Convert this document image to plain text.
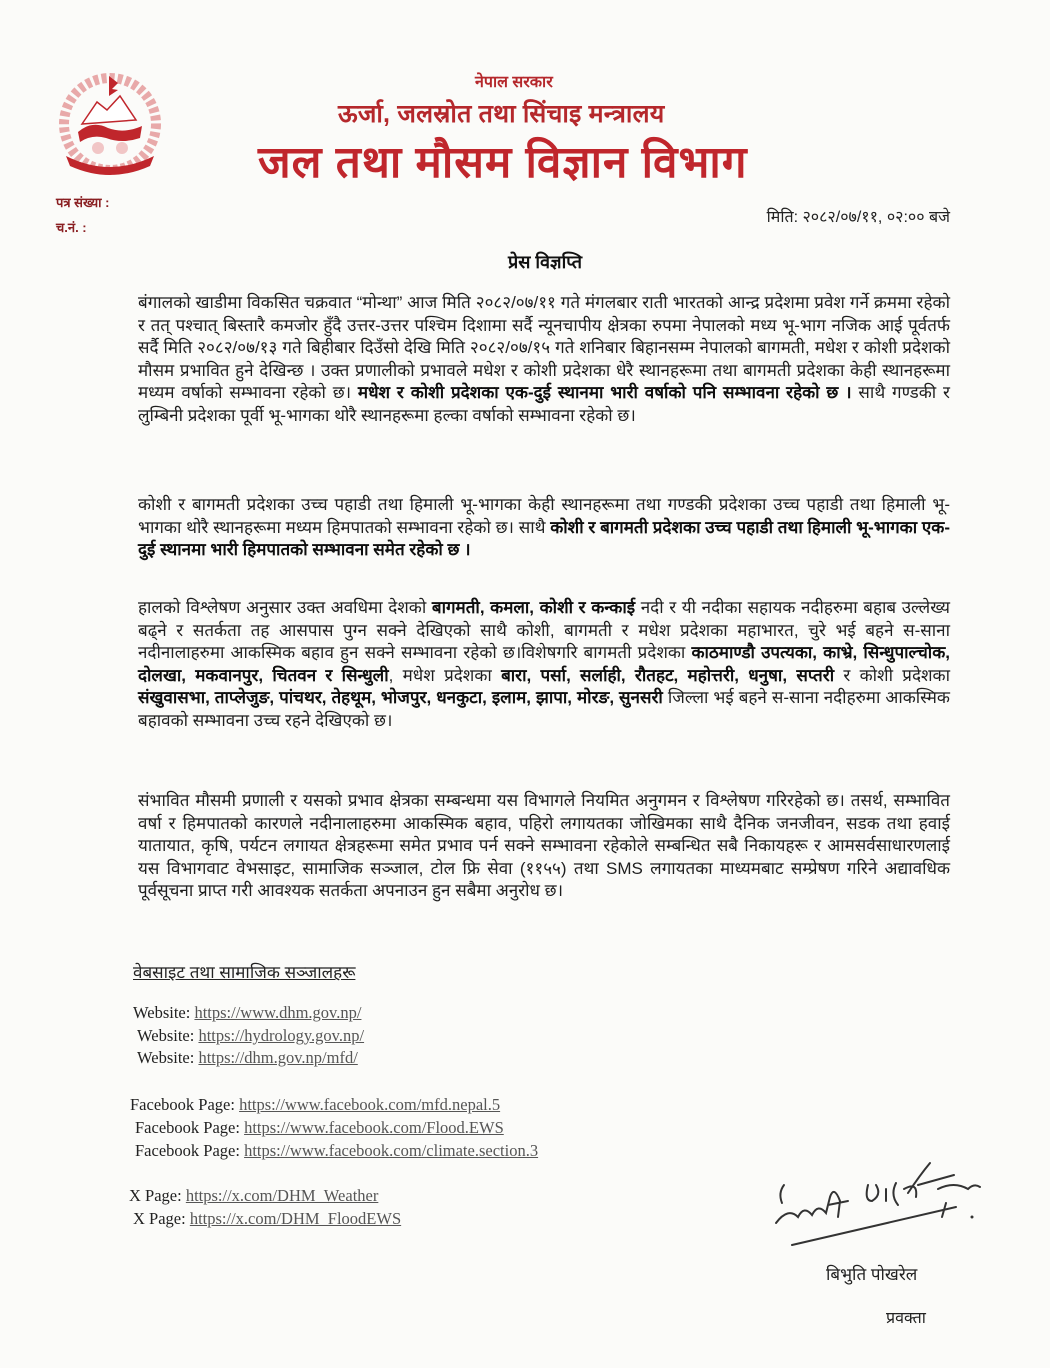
नेपाल सरकार
ऊर्जा, जलस्रोत तथा सिंचाइ मन्त्रालय
जल तथा मौसम विज्ञान विभाग
पत्र संख्या :
च.नं. :
मिति: २०८२/०७/११, ०२:०० बजे
प्रेस विज्ञप्ति

बंगालको खाडीमा विकसित चक्रवात “मोन्था” आज मिति २०८२/०७/११ गते मंगलबार राती भारतको आन्द्र प्रदेशमा प्रवेश गर्ने क्रममा रहेको र तत् पश्चात् बिस्तारै कमजोर हुँदै उत्तर-उत्तर पश्चिम दिशामा सर्दै न्यूनचापीय क्षेत्रका रुपमा नेपालको मध्य भू-भाग नजिक आई पूर्वतर्फ सर्दै मिति २०८२/०७/१३ गते बिहीबार दिउँसो देखि मिति २०८२/०७/१५ गते शनिबार बिहानसम्म नेपालको बागमती, मधेश र कोशी प्रदेशको मौसम प्रभावित हुने देखिन्छ । उक्त प्रणालीको प्रभावले मधेश र कोशी प्रदेशका धेरै स्थानहरूमा तथा बागमती प्रदेशका केही स्थानहरूमा मध्यम वर्षाको सम्भावना रहेको छ। मधेश र कोशी प्रदेशका एक-दुई स्थानमा भारी वर्षाको पनि सम्भावना रहेको छ । साथै गण्डकी र लुम्बिनी प्रदेशका पूर्वी भू-भागका थोरै स्थानहरूमा हल्का वर्षाको सम्भावना रहेको छ।

कोशी र बागमती प्रदेशका उच्च पहाडी तथा हिमाली भू-भागका केही स्थानहरूमा तथा गण्डकी प्रदेशका उच्च पहाडी तथा हिमाली भू-भागका थोरै स्थानहरूमा मध्यम हिमपातको सम्भावना रहेको छ। साथै कोशी र बागमती प्रदेशका उच्च पहाडी तथा हिमाली भू-भागका एक-दुई स्थानमा भारी हिमपातको सम्भावना समेत रहेको छ ।

हालको विश्लेषण अनुसार उक्त अवधिमा देशको बागमती, कमला, कोशी र कन्काई नदी र यी नदीका सहायक नदीहरुमा बहाब उल्लेख्य बढ्ने र सतर्कता तह आसपास पुग्न सक्ने देखिएको साथै कोशी, बागमती र मधेश प्रदेशका महाभारत, चुरे भई बहने स-साना नदीनालाहरुमा आकस्मिक बहाव हुन सक्ने सम्भावना रहेको छ।विशेषगरि बागमती प्रदेशका काठमाण्डौ उपत्यका, काभ्रे, सिन्धुपाल्चोक, दोलखा, मकवानपुर, चितवन र सिन्धुली, मधेश प्रदेशका बारा, पर्सा, सर्लाही, रौतहट, महोत्तरी, धनुषा, सप्तरी र कोशी प्रदेशका संखुवासभा, ताप्लेजुङ, पांचथर, तेहथूम, भोजपुर, धनकुटा, इलाम, झापा, मोरङ, सुनसरी जिल्ला भई बहने स-साना नदीहरुमा आकस्मिक बहावको सम्भावना उच्च रहने देखिएको छ।

संभावित मौसमी प्रणाली र यसको प्रभाव क्षेत्रका सम्बन्धमा यस विभागले नियमित अनुगमन र विश्लेषण गरिरहेको छ। तसर्थ, सम्भावित वर्षा र हिमपातको कारणले नदीनालाहरुमा आकस्मिक बहाव, पहिरो लगायतका जोखिमका साथै दैनिक जनजीवन, सडक तथा हवाई यातायात, कृषि, पर्यटन लगायत क्षेत्रहरूमा समेत प्रभाव पर्न सक्ने सम्भावना रहेकोले सम्बन्धित सबै निकायहरू र आमसर्वसाधारणलाई यस विभागवाट वेभसाइट, सामाजिक सञ्जाल, टोल फ्रि सेवा (११५५) तथा SMS लगायतका माध्यमबाट सम्प्रेषण गरिने अद्यावधिक पूर्वसूचना प्राप्त गरी आवश्यक सतर्कता अपनाउन हुन सबैमा अनुरोध छ।

वेबसाइट तथा सामाजिक सञ्जालहरू
Website: https://www.dhm.gov.np/
Website: https://hydrology.gov.np/
Website: https://dhm.gov.np/mfd/
Facebook Page: https://www.facebook.com/mfd.nepal.5
Facebook Page: https://www.facebook.com/Flood.EWS
Facebook Page: https://www.facebook.com/climate.section.3
X Page: https://x.com/DHM_Weather
X Page: https://x.com/DHM_FloodEWS
बिभुति पोखरेल
प्रवक्ता
